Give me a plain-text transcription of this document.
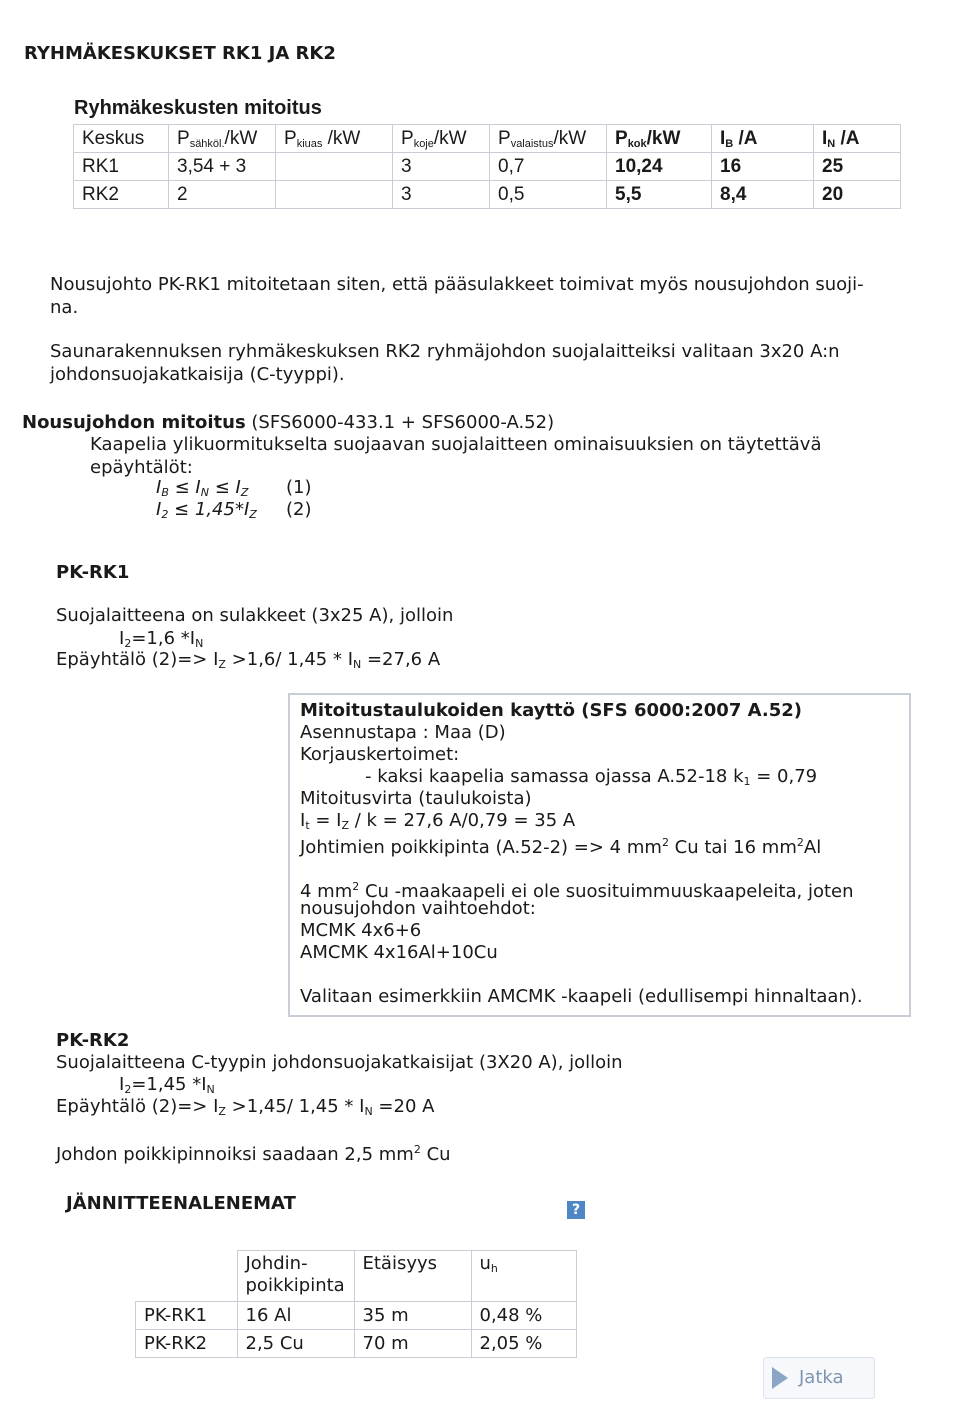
RYHMÄKESKUKSET RK1 JA RK2
Ryhmäkeskusten mitoitus
Keskus	$P_{sähköl.}/kW$	$P_{kiuas}$ /kW	$P_{koje}/kW$	$P_{valaistus}/kW$	$P_{kok}/kW$	$I_B$ /A	$I_N$ /A
RK1	3,54 + 3		3	0,7	10,24	16	25
RK2	2		3	0,5	5,5	8,4	20
Nousujohto PK-RK1 mitoitetaan siten, että pääsulakkeet toimivat myös nousujohdon suoji-
na.
Saunarakennuksen ryhmäkeskuksen RK2 ryhmäjohdon suojalaitteiksi valitaan 3x20 A:n
johdonsuojakatkaisija (C-tyyppi).
Nousujohdon mitoitus (SFS6000-433.1 + SFS6000-A.52)
Kaapelia ylikuormitukselta suojaavan suojalaitteen ominaisuuksien on täytettävä
epäyhtälöt:
$I_B \le I_N \le I_Z$ (1)
$I_2 \le 1,45*I_Z$ (2)
PK-RK1
Suojalaitteena on sulakkeet (3x25 A), jolloin
$I_2=1,6$ $*I_N$
Epäyhtälö $(2)=> I_Z >1,6/$ $1,45 * I_N =27,6$ A
Mitoitustaulukoiden kayttö (SFS 6000:2007 A.52)
Asennustapa : Maa (D)
Korjauskertoimet:
- kaksi kaapelia samassa ojassa A.52-18 $k_1 = 0,79$
Mitoitusvirta (taulukoista)
$I_t = I_Z / k = 27,6$ A/0,79 = 35 A
Johtimien poikkipinta (A.52-2) => 4 $mm^2$ Cu tai 16 $mm^2Al$
4 $mm^2$ Cu -maakaapeli ei ole suosituimmuuskaapeleita, joten
nousujohdon vaihtoehdot:
MCMK 4x6+6
AMCMK 4x16Al+10Cu
Valitaan esimerkkiin AMCMK -kaapeli (edullisempi hinnaltaan).
PK-RK2
Suojalaitteena C-tyypin johdonsuojakatkaisijat (3X20 A), jolloin
$I_2=1,45$ $*I_N$
Epäyhtälö $(2)=> I_Z >1,45/$ $1,45 * I_N =20$ A
Johdon poikkipinnoiksi saadaan 2,5 $mm^2$ Cu
JÄNNITTEENALENEMAT	?
	Johdin-
poikkipinta	Etäisyys	$u_h$
PK-RK1	16 Al	35 m	0,48 %
PK-RK2	2,5 Cu	70 m	2,05 %
Jatka
